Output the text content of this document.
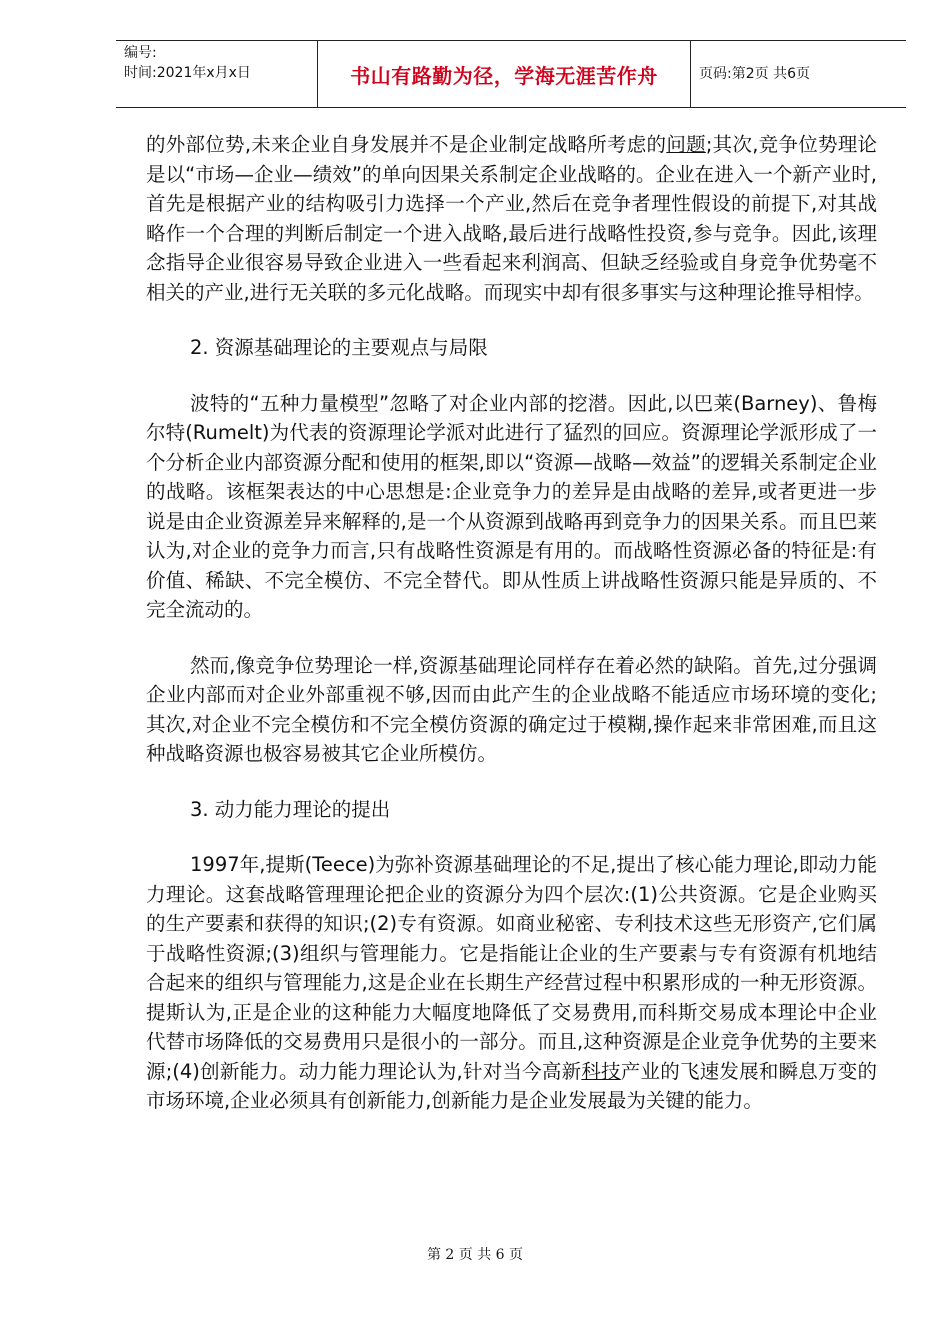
编号:
时间:2021年x月x日	书山有路勤为径，学海无涯苦作舟	页码:第2页 共6页

的外部位势,未来企业自身发展并不是企业制定战略所考虑的问题;其次,竞争位势理论是以“市场—企业—绩效”的单向因果关系制定企业战略的。企业在进入一个新产业时,首先是根据产业的结构吸引力选择一个产业,然后在竞争者理性假设的前提下,对其战略作一个合理的判断后制定一个进入战略,最后进行战略性投资,参与竞争。因此,该理念指导企业很容易导致企业进入一些看起来利润高、但缺乏经验或自身竞争优势毫不相关的产业,进行无关联的多元化战略。而现实中却有很多事实与这种理论推导相悖。

2. 资源基础理论的主要观点与局限

波特的“五种力量模型”忽略了对企业内部的挖潜。因此,以巴莱(Barney)、鲁梅尔特(Rumelt)为代表的资源理论学派对此进行了猛烈的回应。资源理论学派形成了一个分析企业内部资源分配和使用的框架,即以“资源—战略—效益”的逻辑关系制定企业的战略。该框架表达的中心思想是:企业竞争力的差异是由战略的差异,或者更进一步说是由企业资源差异来解释的,是一个从资源到战略再到竞争力的因果关系。而且巴莱认为,对企业的竞争力而言,只有战略性资源是有用的。而战略性资源必备的特征是:有价值、稀缺、不完全模仿、不完全替代。即从性质上讲战略性资源只能是异质的、不完全流动的。

然而,像竞争位势理论一样,资源基础理论同样存在着必然的缺陷。首先,过分强调企业内部而对企业外部重视不够,因而由此产生的企业战略不能适应市场环境的变化;其次,对企业不完全模仿和不完全模仿资源的确定过于模糊,操作起来非常困难,而且这种战略资源也极容易被其它企业所模仿。

3. 动力能力理论的提出

1997年,提斯(Teece)为弥补资源基础理论的不足,提出了核心能力理论,即动力能力理论。这套战略管理理论把企业的资源分为四个层次:(1)公共资源。它是企业购买的生产要素和获得的知识;(2)专有资源。如商业秘密、专利技术这些无形资产,它们属于战略性资源;(3)组织与管理能力。它是指能让企业的生产要素与专有资源有机地结合起来的组织与管理能力,这是企业在长期生产经营过程中积累形成的一种无形资源。提斯认为,正是企业的这种能力大幅度地降低了交易费用,而科斯交易成本理论中企业代替市场降低的交易费用只是很小的一部分。而且,这种资源是企业竞争优势的主要来源;(4)创新能力。动力能力理论认为,针对当今高新科技产业的飞速发展和瞬息万变的市场环境,企业必须具有创新能力,创新能力是企业发展最为关键的能力。

第 2 页 共 6 页
